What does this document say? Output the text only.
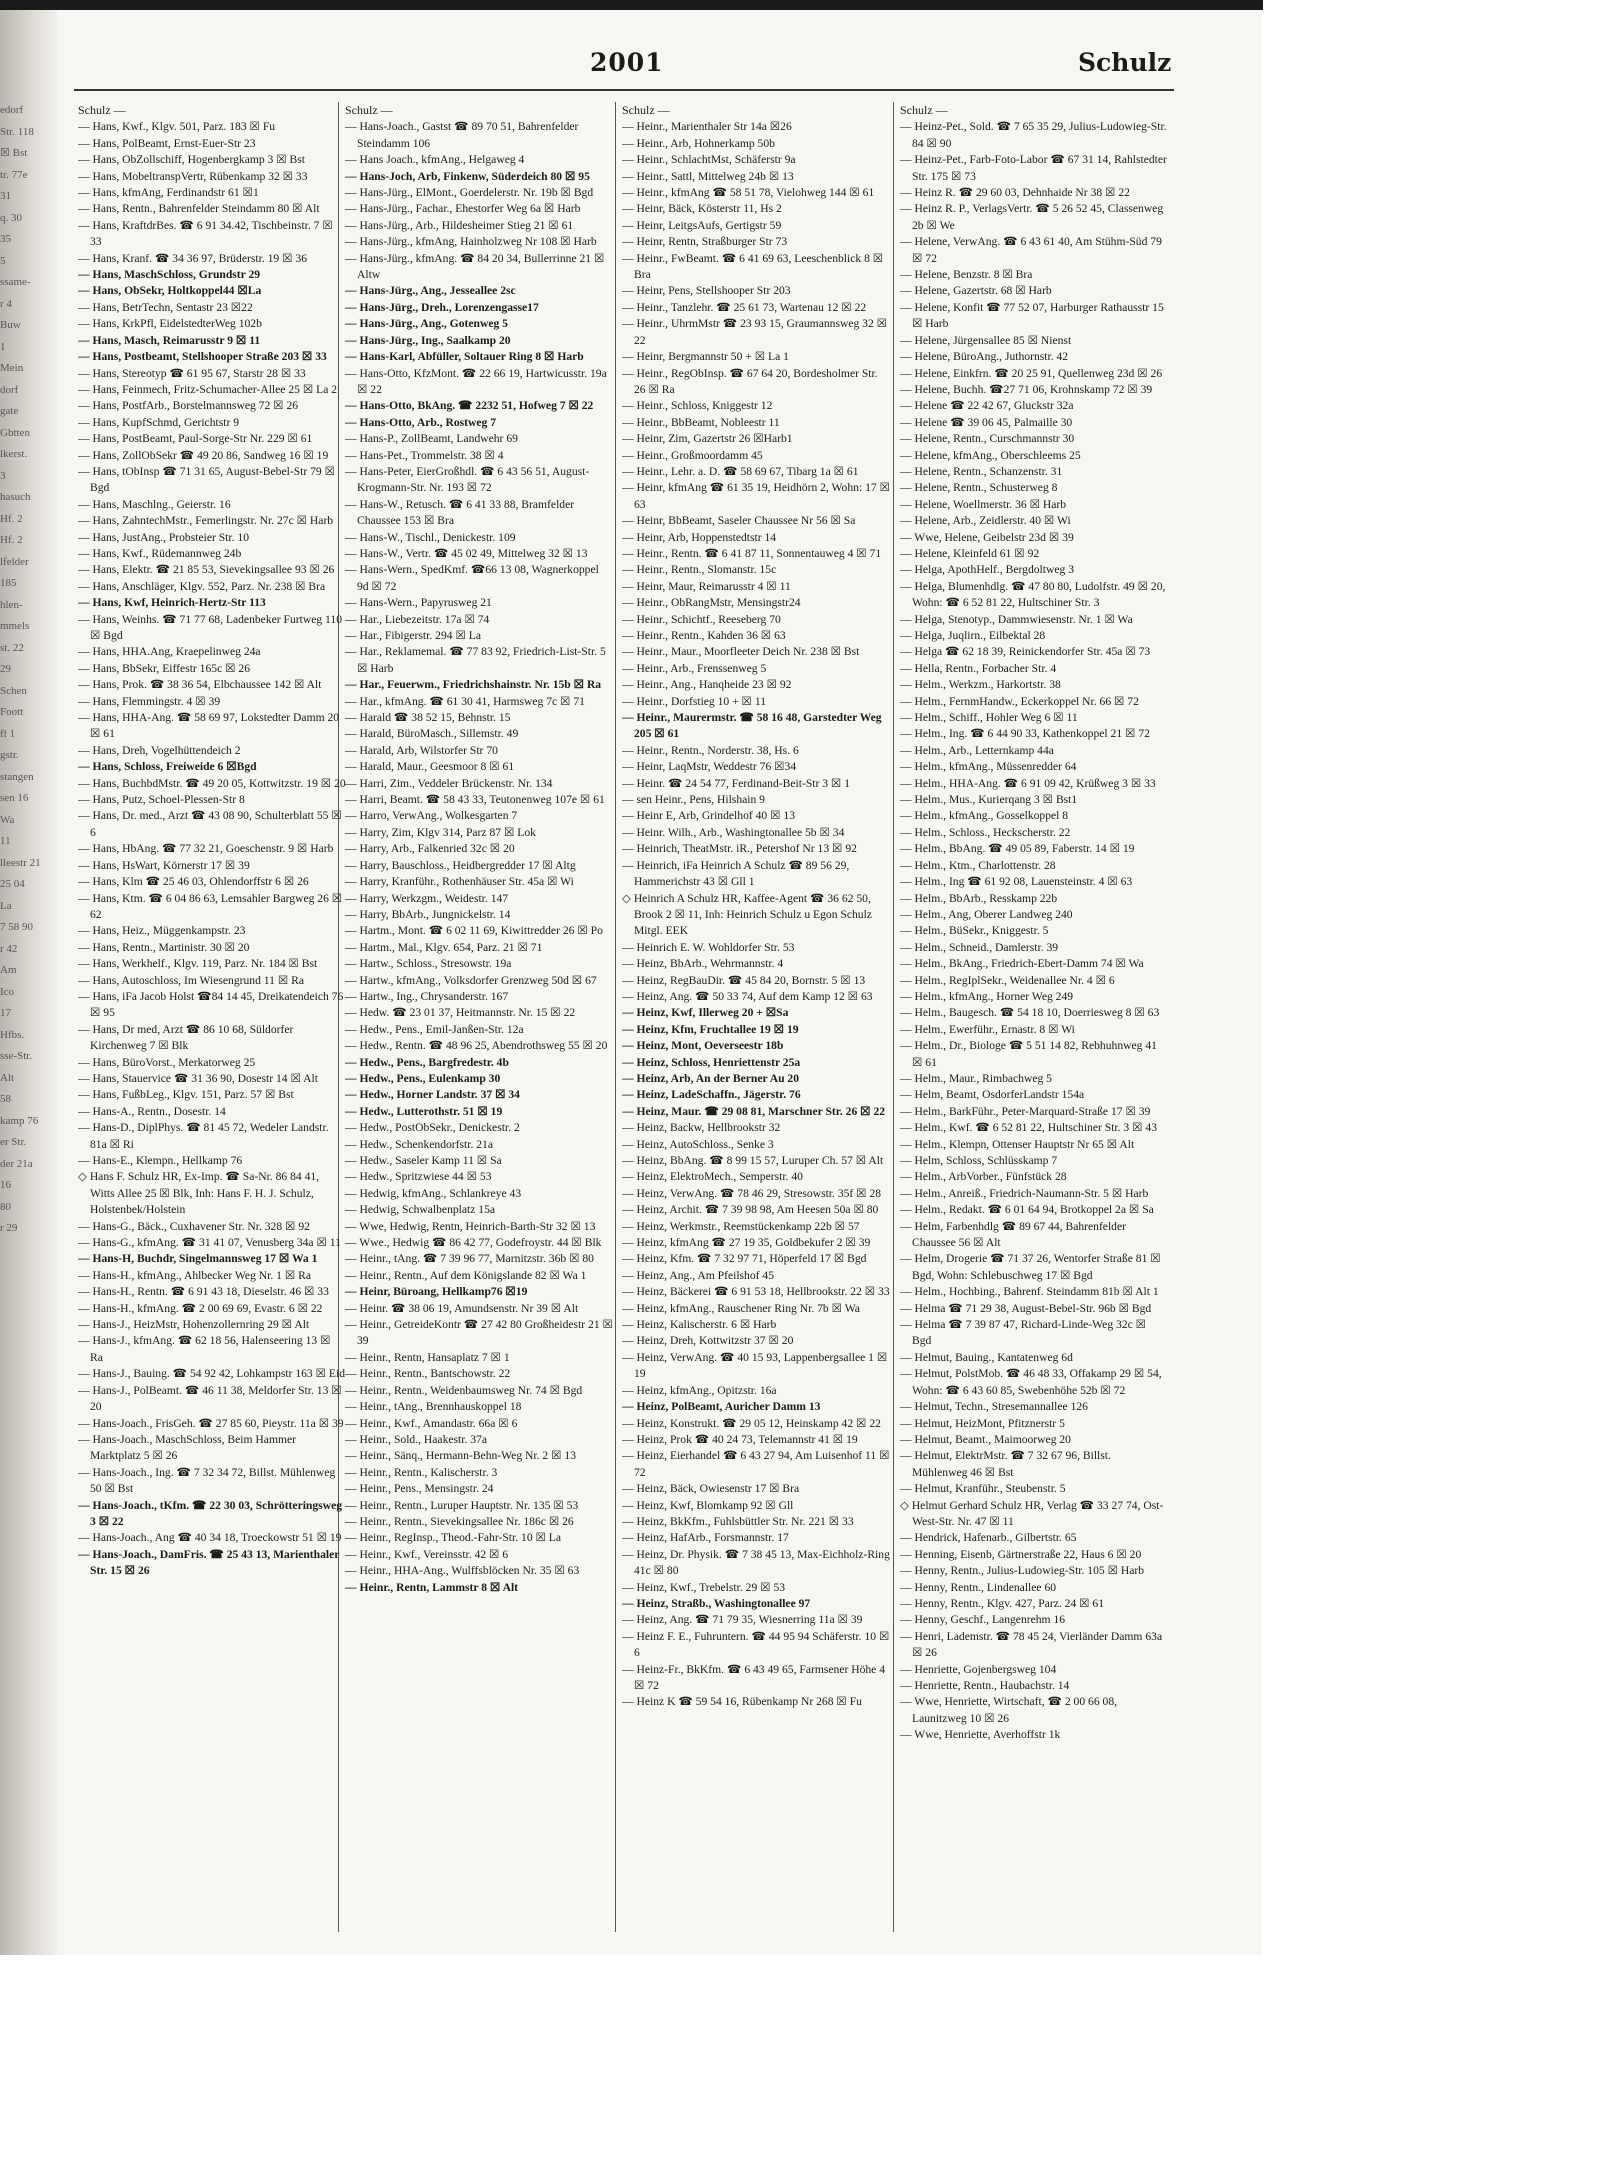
edorf
Str. 118
☒ Bst
tr. 77e
31
q. 30
35
5
ssame-
r 4
Buw
1
Mein
dorf
gate
Gbtten
lkerst.
3
hasuch
Hf. 2
Hf. 2
lfelder
185
hlen-
mmels
st. 22
29
Schen
Foott
fl 1
gstr.
stangen
sen 16
Wa
11
lleestr 21
25 04
La
7 58 90
r 42
Am
Ico
17
Hfbs.
sse-Str.
Alt
58
kamp 76
er Str.
der 21a
16
80
r 29
2001	Schulz
Schulz —
— Hans, Kwf., Klgv. 501, Parz. 183 ☒ Fu
— Hans, PolBeamt, Ernst-Euer-Str 23
— Hans, ObZollschiff, Hogenbergkamp 3 ☒ Bst
— Hans, MobeltranspVertr, Rübenkamp 32 ☒ 33
— Hans, kfmAng, Ferdinandstr 61 ☒1
— Hans, Rentn., Bahrenfelder Steindamm 80 ☒ Alt
— Hans, KraftdrBes. ☎ 6 91 34.42, Tischbeinstr. 7 ☒ 33
— Hans, Kranf. ☎ 34 36 97, Brüderstr. 19 ☒ 36
— Hans, MaschSchloss, Grundstr 29
— Hans, ObSekr, Holtkoppel44 ☒La
— Hans, BetrTechn, Sentastr 23 ☒22
— Hans, KrkPfl, EidelstedterWeg 102b
— Hans, Masch, Reimarusstr 9 ☒ 11
— Hans, Postbeamt, Stellshooper Straße 203 ☒ 33
— Hans, Stereotyp ☎ 61 95 67, Starstr 28 ☒ 33
— Hans, Feinmech, Fritz-Schumacher-Allee 25 ☒ La 2
— Hans, PostfArb., Borstelmannsweg 72 ☒ 26
— Hans, KupfSchmd, Gerichtstr 9
— Hans, PostBeamt, Paul-Sorge-Str Nr. 229 ☒ 61
— Hans, ZollObSekr ☎ 49 20 86, Sandweg 16 ☒ 19
— Hans, tObInsp ☎ 71 31 65, August-Bebel-Str 79 ☒ Bgd
— Hans, Maschlng., Geierstr. 16
— Hans, ZahntechMstr., Femerlingstr. Nr. 27c ☒ Harb
— Hans, JustAng., Probsteier Str. 10
— Hans, Kwf., Rüdemannweg 24b
— Hans, Elektr. ☎ 21 85 53, Sievekingsallee 93 ☒ 26
— Hans, Anschläger, Klgv. 552, Parz. Nr. 238 ☒ Bra
— Hans, Kwf, Heinrich-Hertz-Str 113
— Hans, Weinhs. ☎ 71 77 68, Ladenbeker Furtweg 110 ☒ Bgd
— Hans, HHA.Ang, Kraepelinweg 24a
— Hans, BbSekr, Eiffestr 165c ☒ 26
— Hans, Prok. ☎ 38 36 54, Elbchaussee 142 ☒ Alt
— Hans, Flemmingstr. 4 ☒ 39
— Hans, HHA-Ang. ☎ 58 69 97, Lokstedter Damm 20 ☒ 61
— Hans, Dreh, Vogelhüttendeich 2
— Hans, Schloss, Freiweide 6 ☒Bgd
— Hans, BuchbdMstr. ☎ 49 20 05, Kottwitzstr. 19 ☒ 20
— Hans, Putz, Schoel-Plessen-Str 8
— Hans, Dr. med., Arzt ☎ 43 08 90, Schulterblatt 55 ☒ 6
— Hans, HbAng. ☎ 77 32 21, Goeschenstr. 9 ☒ Harb
— Hans, HsWart, Körnerstr 17 ☒ 39
— Hans, Klm ☎ 25 46 03, Ohlendorffstr 6 ☒ 26
— Hans, Ktm. ☎ 6 04 86 63, Lemsahler Bargweg 26 ☒ 62
— Hans, Heiz., Müggenkampstr. 23
— Hans, Rentn., Martinistr. 30 ☒ 20
— Hans, Werkhelf., Klgv. 119, Parz. Nr. 184 ☒ Bst
— Hans, Autoschloss, Im Wiesengrund 11 ☒ Ra
— Hans, iFa Jacob Holst ☎84 14 45, Dreikatendeich 76 ☒ 95
— Hans, Dr med, Arzt ☎ 86 10 68, Süldorfer Kirchenweg 7 ☒ Blk
— Hans, BüroVorst., Merkatorweg 25
— Hans, Stauervice ☎ 31 36 90, Dosestr 14 ☒ Alt
— Hans, FußbLeg., Klgv. 151, Parz. 57 ☒ Bst
— Hans-A., Rentn., Dosestr. 14
— Hans-D., DiplPhys. ☎ 81 45 72, Wedeler Landstr. 81a ☒ Ri
— Hans-E., Klempn., Hellkamp 76
◇ Hans F. Schulz HR, Ex-Imp. ☎ Sa-Nr. 86 84 41, Witts Allee 25 ☒ Blk, Inh: Hans F. H. J. Schulz, Holstenbek/Holstein
— Hans-G., Bäck., Cuxhavener Str. Nr. 328 ☒ 92
— Hans-G., kfmAng. ☎ 31 41 07, Venusberg 34a ☒ 11
— Hans-H, Buchdr, Singelmannsweg 17 ☒ Wa 1
— Hans-H., kfmAng., Ahlbecker Weg Nr. 1 ☒ Ra
— Hans-H., Rentn. ☎ 6 91 43 18, Dieselstr. 46 ☒ 33
— Hans-H., kfmAng. ☎ 2 00 69 69, Evastr. 6 ☒ 22
— Hans-J., HeizMstr, Hohenzollernring 29 ☒ Alt
— Hans-J., kfmAng. ☎ 62 18 56, Halenseering 13 ☒ Ra
— Hans-J., Bauing. ☎ 54 92 42, Lohkampstr 163 ☒ Eid
— Hans-J., PolBeamt. ☎ 46 11 38, Meldorfer Str. 13 ☒ 20
— Hans-Joach., FrisGeh. ☎ 27 85 60, Pieystr. 11a ☒ 39
— Hans-Joach., MaschSchloss, Beim Hammer Marktplatz 5 ☒ 26
— Hans-Joach., Ing. ☎ 7 32 34 72, Billst. Mühlenweg 50 ☒ Bst
— Hans-Joach., tKfm. ☎ 22 30 03, Schrötteringsweg 3 ☒ 22
— Hans-Joach., Ang ☎ 40 34 18, Troeckowstr 51 ☒ 19
— Hans-Joach., DamFris. ☎ 25 43 13, Marienthaler Str. 15 ☒ 26
Schulz —
— Hans-Joach., Gastst ☎ 89 70 51, Bahrenfelder Steindamm 106
— Hans Joach., kfmAng., Helgaweg 4
— Hans-Joch, Arb, Finkenw, Süderdeich 80 ☒ 95
— Hans-Jürg., ElMont., Goerdelerstr. Nr. 19b ☒ Bgd
— Hans-Jürg., Fachar., Ehestorfer Weg 6a ☒ Harb
— Hans-Jürg., Arb., Hildesheimer Stieg 21 ☒ 61
— Hans-Jürg., kfmAng, Hainholzweg Nr 108 ☒ Harb
— Hans-Jürg., kfmAng. ☎ 84 20 34, Bullerrinne 21 ☒ Altw
— Hans-Jürg., Ang., Jesseallee 2sc
— Hans-Jürg., Dreh., Lorenzengasse17
— Hans-Jürg., Ang., Gotenweg 5
— Hans-Jürg., Ing., Saalkamp 20
— Hans-Karl, Abfüller, Soltauer Ring 8 ☒ Harb
— Hans-Otto, KfzMont. ☎ 22 66 19, Hartwicusstr. 19a ☒ 22
— Hans-Otto, BkAng. ☎ 2232 51, Hofweg 7 ☒ 22
— Hans-Otto, Arb., Rostweg 7
— Hans-P., ZollBeamt, Landwehr 69
— Hans-Pet., Trommelstr. 38 ☒ 4
— Hans-Peter, EierGroßhdl. ☎ 6 43 56 51, August-Krogmann-Str. Nr. 193 ☒ 72
— Hans-W., Retusch. ☎ 6 41 33 88, Bramfelder Chaussee 153 ☒ Bra
— Hans-W., Tischl., Denickestr. 109
— Hans-W., Vertr. ☎ 45 02 49, Mittelweg 32 ☒ 13
— Hans-Wern., SpedKmf. ☎66 13 08, Wagnerkoppel 9d ☒ 72
— Hans-Wern., Papyrusweg 21
— Har., Liebezeitstr. 17a ☒ 74
— Har., Fibigerstr. 294 ☒ La
— Har., Reklamemal. ☎ 77 83 92, Friedrich-List-Str. 5 ☒ Harb
— Har., Feuerwm., Friedrichshainstr. Nr. 15b ☒ Ra
— Har., kfmAng. ☎ 61 30 41, Harmsweg 7c ☒ 71
— Harald ☎ 38 52 15, Behnstr. 15
— Harald, BüroMasch., Sillemstr. 49
— Harald, Arb, Wilstorfer Str 70
— Harald, Maur., Geesmoor 8 ☒ 61
— Harri, Zim., Veddeler Brückenstr. Nr. 134
— Harri, Beamt. ☎ 58 43 33, Teutonenweg 107e ☒ 61
— Harro, VerwAng., Wolkesgarten 7
— Harry, Zim, Klgv 314, Parz 87 ☒ Lok
— Harry, Arb., Falkenried 32c ☒ 20
— Harry, Bauschloss., Heidbergredder 17 ☒ Altg
— Harry, Kranführ., Rothenhäuser Str. 45a ☒ Wi
— Harry, Werkzgm., Weidestr. 147
— Harry, BbArb., Jungnickelstr. 14
— Hartm., Mont. ☎ 6 02 11 69, Kiwittredder 26 ☒ Po
— Hartm., Mal., Klgv. 654, Parz. 21 ☒ 71
— Hartw., Schloss., Stresowstr. 19a
— Hartw., kfmAng., Volksdorfer Grenzweg 50d ☒ 67
— Hartw., Ing., Chrysanderstr. 167
— Hedw. ☎ 23 01 37, Heitmannstr. Nr. 15 ☒ 22
— Hedw., Pens., Emil-Janßen-Str. 12a
— Hedw., Rentn. ☎ 48 96 25, Abendrothsweg 55 ☒ 20
— Hedw., Pens., Bargfredestr. 4b
— Hedw., Pens., Eulenkamp 30
— Hedw., Horner Landstr. 37 ☒ 34
— Hedw., Lutterothstr. 51 ☒ 19
— Hedw., PostObSekr., Denickestr. 2
— Hedw., Schenkendorfstr. 21a
— Hedw., Saseler Kamp 11 ☒ Sa
— Hedw., Spritzwiese 44 ☒ 53
— Hedwig, kfmAng., Schlankreye 43
— Hedwig, Schwalbenplatz 15a
— Wwe, Hedwig, Rentn, Heinrich-Barth-Str 32 ☒ 13
— Wwe., Hedwig ☎ 86 42 77, Godefroystr. 44 ☒ Blk
— Heinr., tAng. ☎ 7 39 96 77, Marnitzstr. 36b ☒ 80
— Heinr., Rentn., Auf dem Königslande 82 ☒ Wa 1
— Heinr, Büroang, Hellkamp76 ☒19
— Heinr. ☎ 38 06 19, Amundsenstr. Nr 39 ☒ Alt
— Heinr., GetreideKontr ☎ 27 42 80 Großheidestr 21 ☒ 39
— Heinr., Rentn, Hansaplatz 7 ☒ 1
— Heinr., Rentn., Bantschowstr. 22
— Heinr., Rentn., Weidenbaumsweg Nr. 74 ☒ Bgd
— Heinr., tAng., Brennhauskoppel 18
— Heinr., Kwf., Amandastr. 66a ☒ 6
— Heinr., Sold., Haakestr. 37a
— Heinr., Sänq., Hermann-Behn-Weg Nr. 2 ☒ 13
— Heinr., Rentn., Kalischerstr. 3
— Heinr., Pens., Mensingstr. 24
— Heinr., Rentn., Luruper Hauptstr. Nr. 135 ☒ 53
— Heinr., Rentn., Sievekingsallee Nr. 186c ☒ 26
— Heinr., RegInsp., Theod.-Fahr-Str. 10 ☒ La
— Heinr., Kwf., Vereinsstr. 42 ☒ 6
— Heinr., HHA-Ang., Wulffsblöcken Nr. 35 ☒ 63
— Heinr., Rentn, Lammstr 8 ☒ Alt
Schulz —
— Heinr., Marienthaler Str 14a ☒26
— Heinr., Arb, Hohnerkamp 50b
— Heinr., SchlachtMst, Schäferstr 9a
— Heinr., Sattl, Mittelweg 24b ☒ 13
— Heinr., kfmAng ☎ 58 51 78, Vielohweg 144 ☒ 61
— Heinr, Bäck, Kösterstr 11, Hs 2
— Heinr, LeitgsAufs, Gertigstr 59
— Heinr, Rentn, Straßburger Str 73
— Heinr., FwBeamt. ☎ 6 41 69 63, Leeschenblick 8 ☒ Bra
— Heinr, Pens, Stellshooper Str 203
— Heinr., Tanzlehr. ☎ 25 61 73, Wartenau 12 ☒ 22
— Heinr., UhrmMstr ☎ 23 93 15, Graumannsweg 32 ☒ 22
— Heinr, Bergmannstr 50 + ☒ La 1
— Heinr., RegObInsp. ☎ 67 64 20, Bordesholmer Str. 26 ☒ Ra
— Heinr., Schloss, Kniggestr 12
— Heinr., BbBeamt, Nobleestr 11
— Heinr, Zim, Gazertstr 26 ☒Harb1
— Heinr., Großmoordamm 45
— Heinr., Lehr. a. D. ☎ 58 69 67, Tibarg 1a ☒ 61
— Heinr, kfmAng ☎ 61 35 19, Heidhörn 2, Wohn: 17 ☒ 63
— Heinr, BbBeamt, Saseler Chaussee Nr 56 ☒ Sa
— Heinr, Arb, Hoppenstedtstr 14
— Heinr., Rentn. ☎ 6 41 87 11, Sonnentauweg 4 ☒ 71
— Heinr., Rentn., Slomanstr. 15c
— Heinr, Maur, Reimarusstr 4 ☒ 11
— Heinr., ObRangMstr, Mensingstr24
— Heinr., Schichtf., Reeseberg 70
— Heinr., Rentn., Kahden 36 ☒ 63
— Heinr., Maur., Moorfleeter Deich Nr. 238 ☒ Bst
— Heinr., Arb., Frenssenweg 5
— Heinr., Ang., Hanqheide 23 ☒ 92
— Heinr., Dorfstieg 10 + ☒ 11
— Heinr., Maurermstr. ☎ 58 16 48, Garstedter Weg 205 ☒ 61
— Heinr., Rentn., Norderstr. 38, Hs. 6
— Heinr, LaqMstr, Weddestr 76 ☒34
— Heinr. ☎ 24 54 77, Ferdinand-Beit-Str 3 ☒ 1
— sen Heinr., Pens, Hilshain 9
— Heinr E, Arb, Grindelhof 40 ☒ 13
— Heinr. Wilh., Arb., Washingtonallee 5b ☒ 34
— Heinrich, TheatMstr. iR., Petershof Nr 13 ☒ 92
— Heinrich, iFa Heinrich A Schulz ☎ 89 56 29, Hammerichstr 43 ☒ Gll 1
◇ Heinrich A Schulz HR, Kaffee-Agent ☎ 36 62 50, Brook 2 ☒ 11, Inh: Heinrich Schulz u Egon Schulz Mitgl. EEK
— Heinrich E. W. Wohldorfer Str. 53
— Heinz, BbArb., Wehrmannstr. 4
— Heinz, RegBauDir. ☎ 45 84 20, Bornstr. 5 ☒ 13
— Heinz, Ang. ☎ 50 33 74, Auf dem Kamp 12 ☒ 63
— Heinz, Kwf, Illerweg 20 + ☒Sa
— Heinz, Kfm, Fruchtallee 19 ☒ 19
— Heinz, Mont, Oeverseestr 18b
— Heinz, Schloss, Henriettenstr 25a
— Heinz, Arb, An der Berner Au 20
— Heinz, LadeSchaffn., Jägerstr. 76
— Heinz, Maur. ☎ 29 08 81, Marschner Str. 26 ☒ 22
— Heinz, Backw, Hellbrookstr 32
— Heinz, AutoSchloss., Senke 3
— Heinz, BbAng. ☎ 8 99 15 57, Luruper Ch. 57 ☒ Alt
— Heinz, ElektroMech., Semperstr. 40
— Heinz, VerwAng. ☎ 78 46 29, Stresowstr. 35f ☒ 28
— Heinz, Archit. ☎ 7 39 98 98, Am Heesen 50a ☒ 80
— Heinz, Werkmstr., Reemstückenkamp 22b ☒ 57
— Heinz, kfmAng ☎ 27 19 35, Goldbekufer 2 ☒ 39
— Heinz, Kfm. ☎ 7 32 97 71, Höperfeld 17 ☒ Bgd
— Heinz, Ang., Am Pfeilshof 45
— Heinz, Bäckerei ☎ 6 91 53 18, Hellbrookstr. 22 ☒ 33
— Heinz, kfmAng., Rauschener Ring Nr. 7b ☒ Wa
— Heinz, Kalischerstr. 6 ☒ Harb
— Heinz, Dreh, Kottwitzstr 37 ☒ 20
— Heinz, VerwAng. ☎ 40 15 93, Lappenbergsallee 1 ☒ 19
— Heinz, kfmAng., Opitzstr. 16a
— Heinz, PolBeamt, Auricher Damm 13
— Heinz, Konstrukt. ☎ 29 05 12, Heinskamp 42 ☒ 22
— Heinz, Prok ☎ 40 24 73, Telemannstr 41 ☒ 19
— Heinz, Eierhandel ☎ 6 43 27 94, Am Luisenhof 11 ☒ 72
— Heinz, Bäck, Owiesenstr 17 ☒ Bra
— Heinz, Kwf, Blomkamp 92 ☒ Gll
— Heinz, BkKfm., Fuhlsbüttler Str. Nr. 221 ☒ 33
— Heinz, HafArb., Forsmannstr. 17
— Heinz, Dr. Physik. ☎ 7 38 45 13, Max-Eichholz-Ring 41c ☒ 80
— Heinz, Kwf., Trebelstr. 29 ☒ 53
— Heinz, Straßb., Washingtonallee 97
— Heinz, Ang. ☎ 71 79 35, Wiesnerring 11a ☒ 39
— Heinz F. E., Fuhruntern. ☎ 44 95 94 Schäferstr. 10 ☒ 6
— Heinz-Fr., BkKfm. ☎ 6 43 49 65, Farmsener Höhe 4 ☒ 72
— Heinz K ☎ 59 54 16, Rübenkamp Nr 268 ☒ Fu
Schulz —
— Heinz-Pet., Sold. ☎ 7 65 35 29, Julius-Ludowieg-Str. 84 ☒ 90
— Heinz-Pet., Farb-Foto-Labor ☎ 67 31 14, Rahlstedter Str. 175 ☒ 73
— Heinz R. ☎ 29 60 03, Dehnhaide Nr 38 ☒ 22
— Heinz R. P., VerlagsVertr. ☎ 5 26 52 45, Classenweg 2b ☒ We
— Helene, VerwAng. ☎ 6 43 61 40, Am Stühm-Süd 79 ☒ 72
— Helene, Benzstr. 8 ☒ Bra
— Helene, Gazertstr. 68 ☒ Harb
— Helene, Konfit ☎ 77 52 07, Harburger Rathausstr 15 ☒ Harb
— Helene, Jürgensallee 85 ☒ Nienst
— Helene, BüroAng., Juthornstr. 42
— Helene, Einkfrn. ☎ 20 25 91, Quellenweg 23d ☒ 26
— Helene, Buchh. ☎27 71 06, Krohnskamp 72 ☒ 39
— Helene ☎ 22 42 67, Gluckstr 32a
— Helene ☎ 39 06 45, Palmaille 30
— Helene, Rentn., Curschmannstr 30
— Helene, kfmAng., Oberschleems 25
— Helene, Rentn., Schanzenstr. 31
— Helene, Rentn., Schusterweg 8
— Helene, Woellmerstr. 36 ☒ Harb
— Helene, Arb., Zeidlerstr. 40 ☒ Wi
— Wwe, Helene, Geibelstr 23d ☒ 39
— Helene, Kleinfeld 61 ☒ 92
— Helga, ApothHelf., Bergdoltweg 3
— Helga, Blumenhdlg. ☎ 47 80 80, Ludolfstr. 49 ☒ 20, Wohn: ☎ 6 52 81 22, Hultschiner Str. 3
— Helga, Stenotyp., Dammwiesenstr. Nr. 1 ☒ Wa
— Helga, Juqlirn., Eilbektal 28
— Helga ☎ 62 18 39, Reinickendorfer Str. 45a ☒ 73
— Hella, Rentn., Forbacher Str. 4
— Helm., Werkzm., Harkortstr. 38
— Helm., FernmHandw., Eckerkoppel Nr. 66 ☒ 72
— Helm., Schiff., Hohler Weg 6 ☒ 11
— Helm., Ing. ☎ 6 44 90 33, Kathenkoppel 21 ☒ 72
— Helm., Arb., Letternkamp 44a
— Helm., kfmAng., Müssenredder 64
— Helm., HHA-Ang. ☎ 6 91 09 42, Krüßweg 3 ☒ 33
— Helm., Mus., Kurierqang 3 ☒ Bst1
— Helm., kfmAng., Gosselkoppel 8
— Helm., Schloss., Heckscherstr. 22
— Helm., BbAng. ☎ 49 05 89, Faberstr. 14 ☒ 19
— Helm., Ktm., Charlottenstr. 28
— Helm., Ing ☎ 61 92 08, Lauensteinstr. 4 ☒ 63
— Helm., BbArb., Resskamp 22b
— Helm., Ang, Oberer Landweg 240
— Helm., BüSekr., Kniggestr. 5
— Helm., Schneid., Damlerstr. 39
— Helm., BkAng., Friedrich-Ebert-Damm 74 ☒ Wa
— Helm., RegIplSekr., Weidenallee Nr. 4 ☒ 6
— Helm., kfmAng., Horner Weg 249
— Helm., Baugesch. ☎ 54 18 10, Doerriesweg 8 ☒ 63
— Helm., Ewerführ., Ernastr. 8 ☒ Wi
— Helm., Dr., Biologe ☎ 5 51 14 82, Rebhuhnweg 41 ☒ 61
— Helm., Maur., Rimbachweg 5
— Helm, Beamt, OsdorferLandstr 154a
— Helm., BarkFühr., Peter-Marquard-Straße 17 ☒ 39
— Helm., Kwf. ☎ 6 52 81 22, Hultschiner Str. 3 ☒ 43
— Helm., Klempn, Ottenser Hauptstr Nr 65 ☒ Alt
— Helm, Schloss, Schlüsskamp 7
— Helm., ArbVorber., Fünfstück 28
— Helm., Anreiß., Friedrich-Naumann-Str. 5 ☒ Harb
— Helm., Redakt. ☎ 6 01 64 94, Brotkoppel 2a ☒ Sa
— Helm, Farbenhdlg ☎ 89 67 44, Bahrenfelder Chaussee 56 ☒ Alt
— Helm, Drogerie ☎ 71 37 26, Wentorfer Straße 81 ☒ Bgd, Wohn: Schlebuschweg 17 ☒ Bgd
— Helm., Hochbing., Bahrenf. Steindamm 81b ☒ Alt 1
— Helma ☎ 71 29 38, August-Bebel-Str. 96b ☒ Bgd
— Helma ☎ 7 39 87 47, Richard-Linde-Weg 32c ☒ Bgd
— Helmut, Bauing., Kantatenweg 6d
— Helmut, PolstMob. ☎ 46 48 33, Offakamp 29 ☒ 54, Wohn: ☎ 6 43 60 85, Swebenhöhe 52b ☒ 72
— Helmut, Techn., Stresemannallee 126
— Helmut, HeizMont, Pfitznerstr 5
— Helmut, Beamt., Maimoorweg 20
— Helmut, ElektrMstr. ☎ 7 32 67 96, Billst. Mühlenweg 46 ☒ Bst
— Helmut, Kranführ., Steubenstr. 5
◇ Helmut Gerhard Schulz HR, Verlag ☎ 33 27 74, Ost-West-Str. Nr. 47 ☒ 11
— Hendrick, Hafenarb., Gilbertstr. 65
— Henning, Eisenb, Gärtnerstraße 22, Haus 6 ☒ 20
— Henny, Rentn., Julius-Ludowieg-Str. 105 ☒ Harb
— Henny, Rentn., Lindenallee 60
— Henny, Rentn., Klgv. 427, Parz. 24 ☒ 61
— Henny, Geschf., Langenrehm 16
— Henri, Lademstr. ☎ 78 45 24, Vierländer Damm 63a ☒ 26
— Henriette, Gojenbergsweg 104
— Henriette, Rentn., Haubachstr. 14
— Wwe, Henriette, Wirtschaft, ☎ 2 00 66 08, Launitzweg 10 ☒ 26
— Wwe, Henriette, Averhoffstr 1k
